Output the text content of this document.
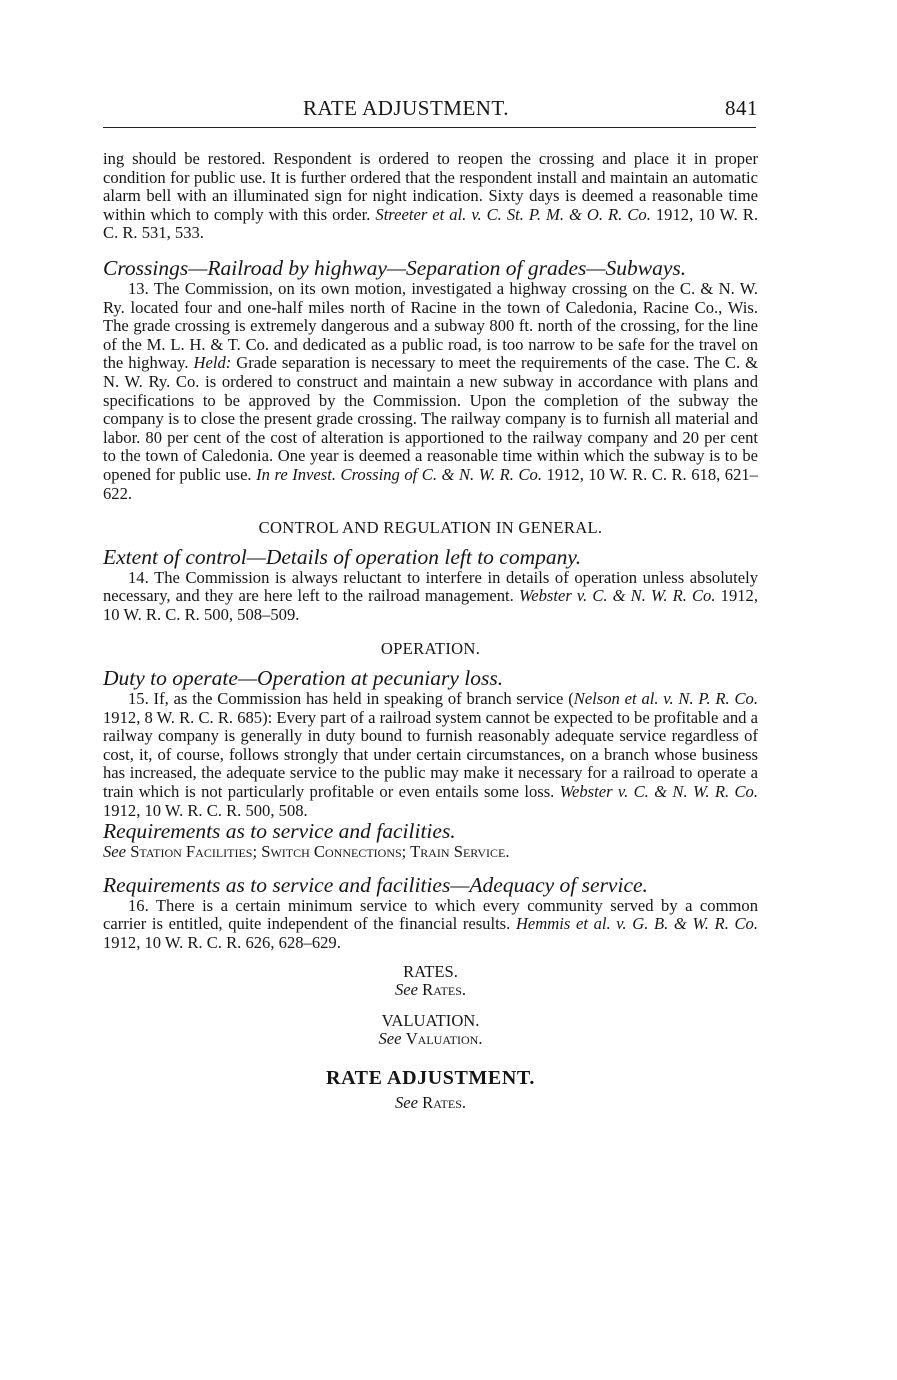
RATE ADJUSTMENT.	841

ing should be restored. Respondent is ordered to reopen the crossing and place it in proper condition for public use. It is further ordered that the respondent install and maintain an automatic alarm bell with an illuminated sign for night indication. Sixty days is deemed a reasonable time within which to comply with this order. Streeter et al. v. C. St. P. M. & O. R. Co. 1912, 10 W. R. C. R. 531, 533.

Crossings—Railroad by highway—Separation of grades—Subways.

13. The Commission, on its own motion, investigated a highway crossing on the C. & N. W. Ry. located four and one-half miles north of Racine in the town of Caledonia, Racine Co., Wis. The grade crossing is extremely dangerous and a subway 800 ft. north of the crossing, for the line of the M. L. H. & T. Co. and dedicated as a public road, is too narrow to be safe for the travel on the highway. Held: Grade separation is necessary to meet the requirements of the case. The C. & N. W. Ry. Co. is ordered to construct and maintain a new subway in accordance with plans and specifications to be approved by the Commission. Upon the completion of the subway the company is to close the present grade crossing. The railway company is to furnish all material and labor. 80 per cent of the cost of alteration is apportioned to the railway company and 20 per cent to the town of Caledonia. One year is deemed a reasonable time within which the subway is to be opened for public use. In re Invest. Crossing of C. & N. W. R. Co. 1912, 10 W. R. C. R. 618, 621–622.

CONTROL AND REGULATION IN GENERAL.

Extent of control—Details of operation left to company.

14. The Commission is always reluctant to interfere in details of operation unless absolutely necessary, and they are here left to the railroad management. Webster v. C. & N. W. R. Co. 1912, 10 W. R. C. R. 500, 508–509.

OPERATION.

Duty to operate—Operation at pecuniary loss.

15. If, as the Commission has held in speaking of branch service (Nelson et al. v. N. P. R. Co. 1912, 8 W. R. C. R. 685): Every part of a railroad system cannot be expected to be profitable and a railway company is generally in duty bound to furnish reasonably adequate service regardless of cost, it, of course, follows strongly that under certain circumstances, on a branch whose business has increased, the adequate service to the public may make it necessary for a railroad to operate a train which is not particularly profitable or even entails some loss. Webster v. C. & N. W. R. Co. 1912, 10 W. R. C. R. 500, 508.

Requirements as to service and facilities.

See Station Facilities; Switch Connections; Train Service.

Requirements as to service and facilities—Adequacy of service.

16. There is a certain minimum service to which every community served by a common carrier is entitled, quite independent of the financial results. Hemmis et al. v. G. B. & W. R. Co. 1912, 10 W. R. C. R. 626, 628–629.

RATES.

See Rates.

VALUATION.

See Valuation.

RATE ADJUSTMENT.

See Rates.
